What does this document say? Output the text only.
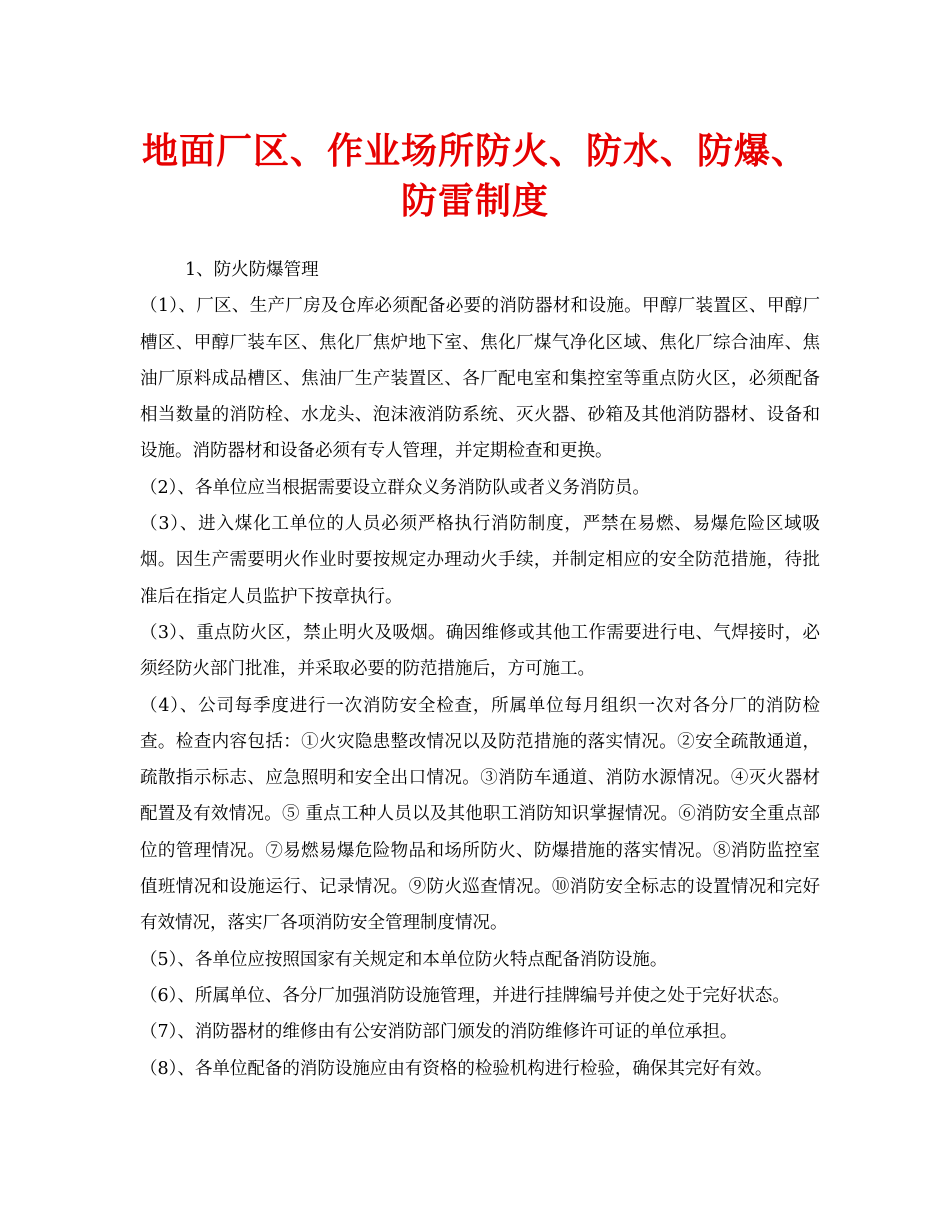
地面厂区、作业场所防火、防水、防爆、防雷制度

1、防火防爆管理

（1）、厂区、生产厂房及仓库必须配备必要的消防器材和设施。甲醇厂装置区、甲醇厂槽区、甲醇厂装车区、焦化厂焦炉地下室、焦化厂煤气净化区域、焦化厂综合油库、焦油厂原料成品槽区、焦油厂生产装置区、各厂配电室和集控室等重点防火区，必须配备相当数量的消防栓、水龙头、泡沫液消防系统、灭火器、砂箱及其他消防器材、设备和设施。消防器材和设备必须有专人管理，并定期检查和更换。

（2）、各单位应当根据需要设立群众义务消防队或者义务消防员。

（3）、进入煤化工单位的人员必须严格执行消防制度，严禁在易燃、易爆危险区域吸烟。因生产需要明火作业时要按规定办理动火手续，并制定相应的安全防范措施，待批准后在指定人员监护下按章执行。

（3）、重点防火区，禁止明火及吸烟。确因维修或其他工作需要进行电、气焊接时，必须经防火部门批准，并采取必要的防范措施后，方可施工。

（4）、公司每季度进行一次消防安全检查，所属单位每月组织一次对各分厂的消防检查。检查内容包括：①火灾隐患整改情况以及防范措施的落实情况。②安全疏散通道，疏散指示标志、应急照明和安全出口情况。③消防车通道、消防水源情况。④灭火器材配置及有效情况。⑤ 重点工种人员以及其他职工消防知识掌握情况。⑥消防安全重点部位的管理情况。⑦易燃易爆危险物品和场所防火、防爆措施的落实情况。⑧消防监控室值班情况和设施运行、记录情况。⑨防火巡查情况。⑩消防安全标志的设置情况和完好有效情况，落实厂各项消防安全管理制度情况。

（5）、各单位应按照国家有关规定和本单位防火特点配备消防设施。

（6）、所属单位、各分厂加强消防设施管理，并进行挂牌编号并使之处于完好状态。

（7）、消防器材的维修由有公安消防部门颁发的消防维修许可证的单位承担。

（8）、各单位配备的消防设施应由有资格的检验机构进行检验，确保其完好有效。
